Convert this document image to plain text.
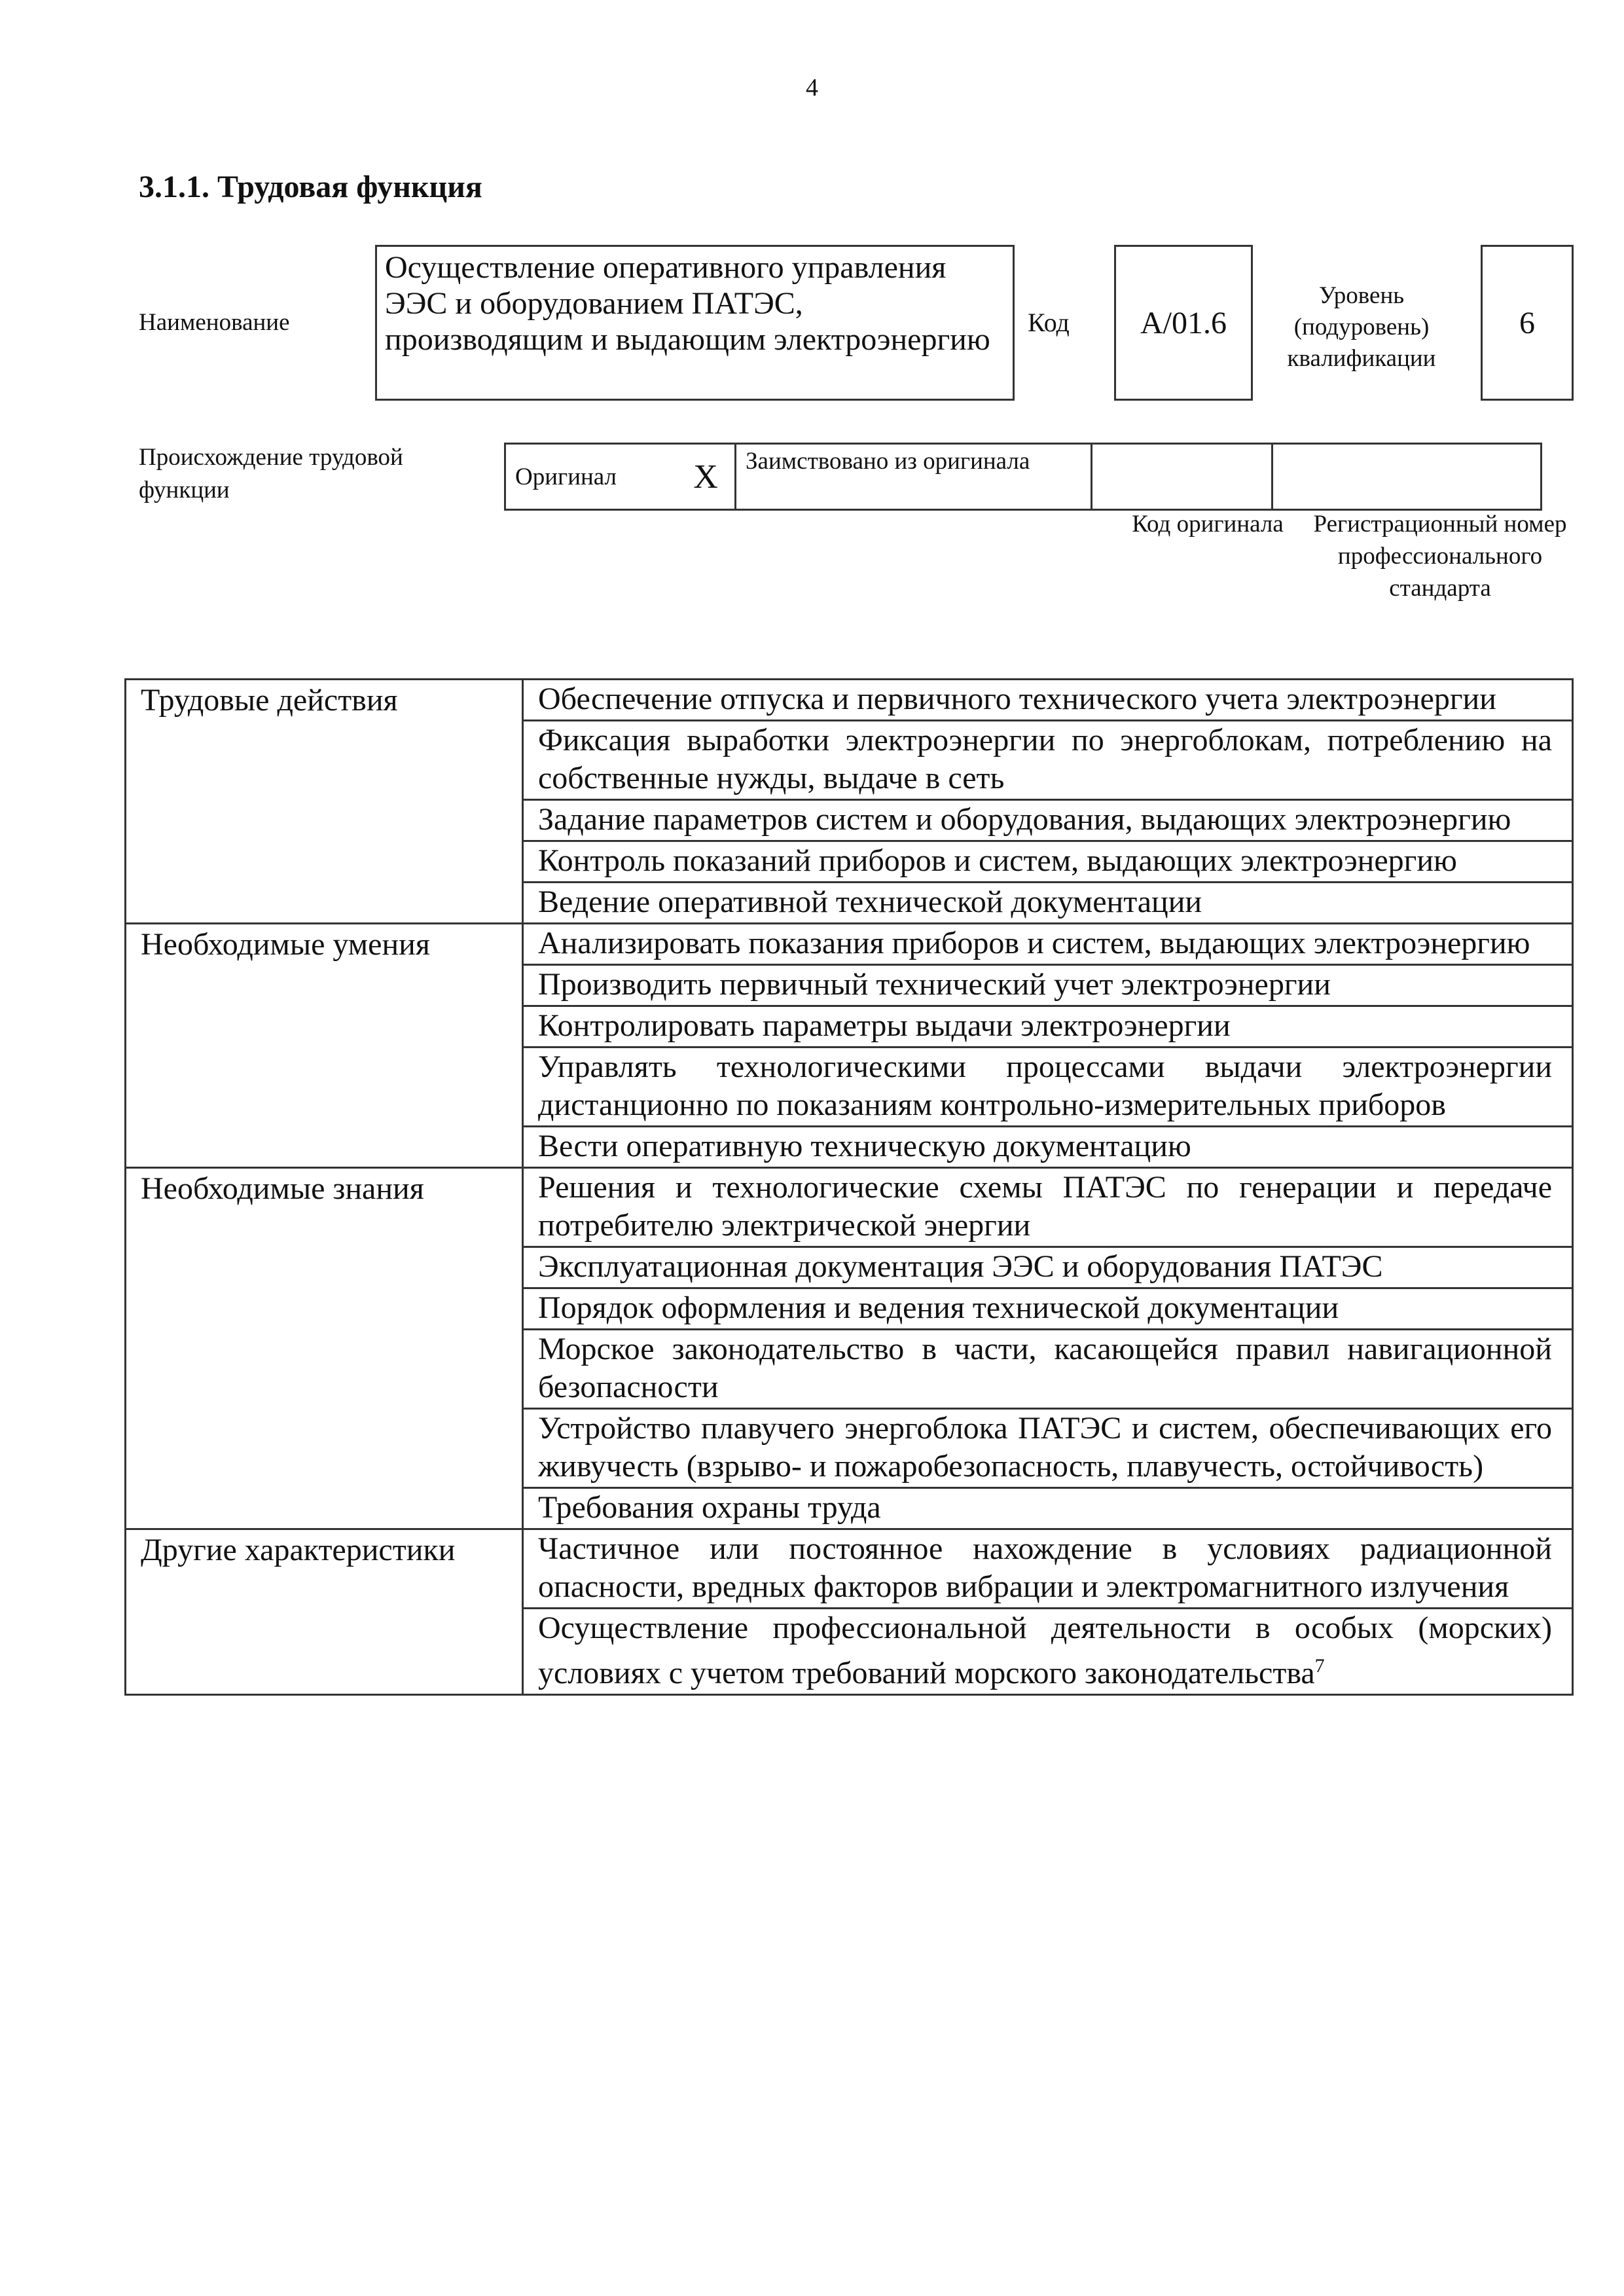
4
3.1.1. Трудовая функция
Наименование
Осуществление оперативного управления ЭЭС и оборудованием ПАТЭС, производящим и выдающим электроэнергию	Код A/01.6
Уровень
(подуровень)
квалификации
6
Происхождение трудовой функции	Оригинал	X	Заимствовано из оригинала		
Код оригинала	Регистрационный номер профессионального стандарта
Трудовые действия	Обеспечение отпуска и первичного технического учета электроэнергии
	Фиксация выработки электроэнергии по энергоблокам, потреблению на собственные нужды, выдаче в сеть
	Задание параметров систем и оборудования, выдающих электроэнергию
	Контроль показаний приборов и систем, выдающих электроэнергию
	Ведение оперативной технической документации
Необходимые умения	Анализировать показания приборов и систем, выдающих электроэнергию
	Производить первичный технический учет электроэнергии
	Контролировать параметры выдачи электроэнергии
	Управлять технологическими процессами выдачи электроэнергии дистанционно по показаниям контрольно-измерительных приборов
	Вести оперативную техническую документацию
Необходимые знания	Решения и технологические схемы ПАТЭС по генерации и передаче потребителю электрической энергии
	Эксплуатационная документация ЭЭС и оборудования ПАТЭС
	Порядок оформления и ведения технической документации
	Морское законодательство в части, касающейся правил навигационной безопасности
	Устройство плавучего энергоблока ПАТЭС и систем, обеспечивающих его живучесть (взрыво- и пожаробезопасность, плавучесть, остойчивость)
	Требования охраны труда
Другие характеристики	Частичное или постоянное нахождение в условиях радиационной опасности, вредных факторов вибрации и электромагнитного излучения
	Осуществление профессиональной деятельности в особых (морских) условиях с учетом требований морского законодательства$^7$
